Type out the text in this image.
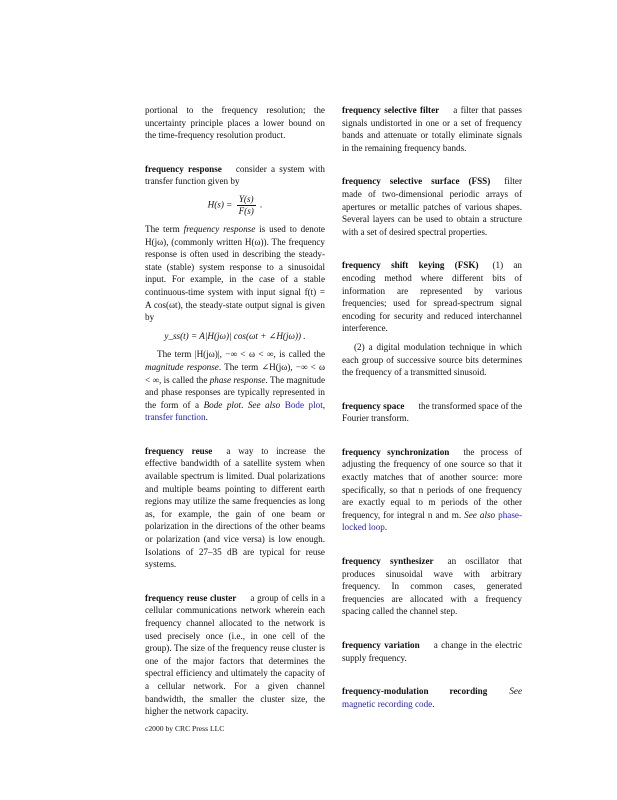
portional to the frequency resolution; the uncertainty principle places a lower bound on the time-frequency resolution product.

frequency response consider a system with transfer function given by

$H(s) = \frac{Y(s)}{F(s)}$ .

The term frequency response is used to denote H(jω), (commonly written H(ω)). The frequency response is often used in describing the steady-state (stable) system response to a sinusoidal input. For example, in the case of a stable continuous-time system with input signal f(t) = A cos(ωt), the steady-state output signal is given by

y_ss(t) = A|H(jω)| cos(ωt + ∠H(jω)) .

The term |H(jω)|, −∞ < ω < ∞, is called the magnitude response. The term ∠H(jω), −∞ < ω < ∞, is called the phase response. The magnitude and phase responses are typically represented in the form of a Bode plot. See also Bode plot, transfer function.

frequency reuse a way to increase the effective bandwidth of a satellite system when available spectrum is limited. Dual polarizations and multiple beams pointing to different earth regions may utilize the same frequencies as long as, for example, the gain of one beam or polarization in the directions of the other beams or polarization (and vice versa) is low enough. Isolations of 27–35 dB are typical for reuse systems.

frequency reuse cluster a group of cells in a cellular communications network wherein each frequency channel allocated to the network is used precisely once (i.e., in one cell of the group). The size of the frequency reuse cluster is one of the major factors that determines the spectral efficiency and ultimately the capacity of a cellular network. For a given channel bandwidth, the smaller the cluster size, the higher the network capacity.

frequency selective filter a filter that passes signals undistorted in one or a set of frequency bands and attenuate or totally eliminate signals in the remaining frequency bands.

frequency selective surface (FSS) filter made of two-dimensional periodic arrays of apertures or metallic patches of various shapes. Several layers can be used to obtain a structure with a set of desired spectral properties.

frequency shift keying (FSK) (1) an encoding method where different bits of information are represented by various frequencies; used for spread-spectrum signal encoding for security and reduced interchannel interference.

(2) a digital modulation technique in which each group of successive source bits determines the frequency of a transmitted sinusoid.

frequency space the transformed space of the Fourier transform.

frequency synchronization the process of adjusting the frequency of one source so that it exactly matches that of another source: more specifically, so that n periods of one frequency are exactly equal to m periods of the other frequency, for integral n and m. See also phase-locked loop.

frequency synthesizer an oscillator that produces sinusoidal wave with arbitrary frequency. In common cases, generated frequencies are allocated with a frequency spacing called the channel step.

frequency variation a change in the electric supply frequency.

frequency-modulation recording See magnetic recording code.

c2000 by CRC Press LLC
